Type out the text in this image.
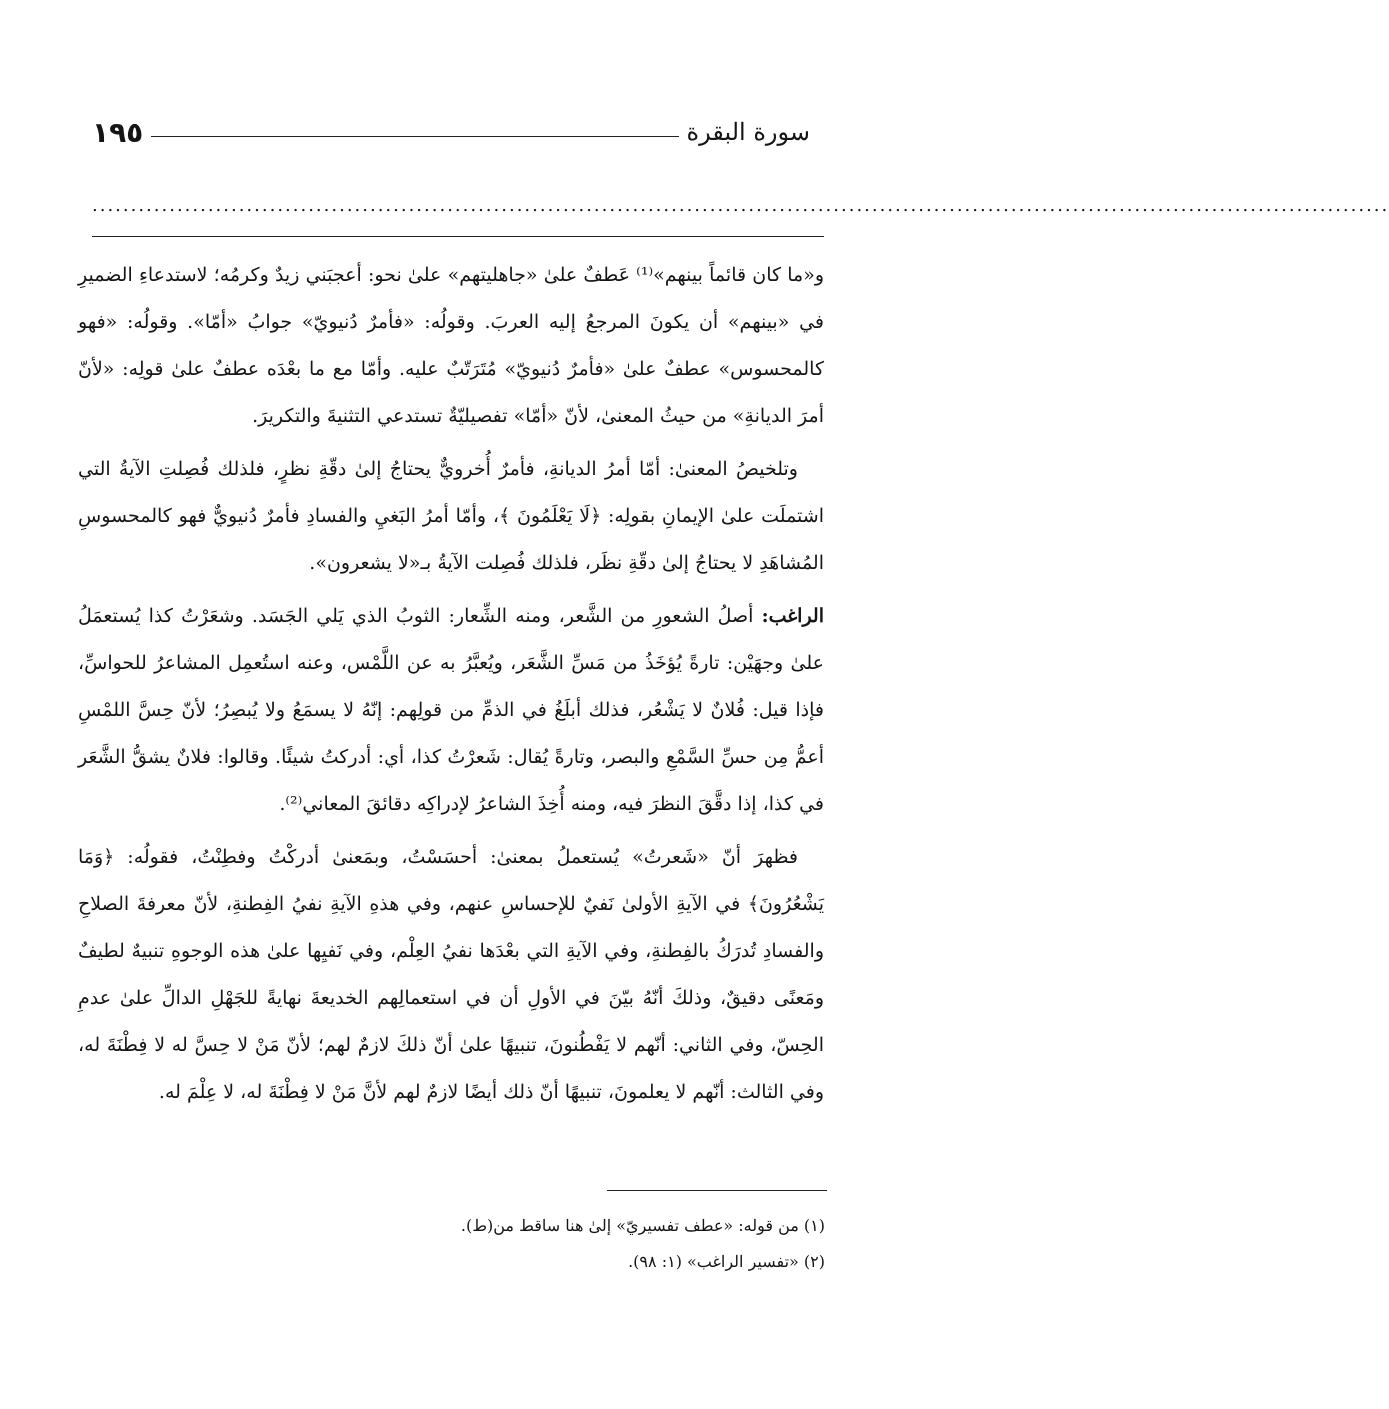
سورة البقرة
١٩٥
........................................................................................................................................................................

و«ما كان قائماً بينهم»⁽¹⁾ عَطفٌ علىٰ «جاهليتهم» علىٰ نحو: أعجبَني زيدٌ وكرمُه؛ لاستدعاءِ الضميرِ في «بينهم» أن يكونَ المرجعُ إليه العربَ. وقولُه: «فأمرٌ دُنيويّ» جوابُ «أمّا». وقولُه: «فهو كالمحسوس» عطفٌ علىٰ «فأمرٌ دُنيويّ» مُتَرَتّبٌ عليه. وأمّا مع ما بعْدَه عطفٌ علىٰ قولِه: «لأنّ أمرَ الديانةِ» من حيثُ المعنىٰ، لأنّ «أمّا» تفصيليّةٌ تستدعي التثنيةَ والتكريرَ.

وتلخيصُ المعنىٰ: أمّا أمرُ الديانةِ، فأمرٌ أُخرويٌّ يحتاجُ إلىٰ دقّةِ نظرٍ، فلذلك فُصِلتِ الآيةُ التي اشتملَت علىٰ الإيمانِ بقولِه: ﴿لَا يَعْلَمُونَ ﴾، وأمّا أمرُ البَغيِ والفسادِ فأمرٌ دُنيويٌّ فهو كالمحسوسِ المُشاهَدِ لا يحتاجُ إلىٰ دقّةِ نظَر، فلذلك فُصِلت الآيةُ بـ«لا يشعرون».

الراغب: أصلُ الشعورِ من الشَّعر، ومنه الشِّعار: الثوبُ الذي يَلي الجَسَد. وشعَرْتُ كذا يُستعمَلُ علىٰ وجهَيْن: تارةً يُؤخَذُ من مَسِّ الشَّعَر، ويُعبَّرُ به عن اللَّمْس، وعنه استُعمِل المشاعرُ للحواسِّ، فإذا قيل: فُلانٌ لا يَشْعُر، فذلك أبلَغُ في الذمِّ من قولِهم: إنّهُ لا يسمَعُ ولا يُبصِرُ؛ لأنّ حِسَّ اللمْسِ أعمُّ مِن حسِّ السَّمْعِ والبصر، وتارةً يُقال: شَعرْتُ كذا، أي: أدركتُ شيئًا. وقالوا: فلانٌ يشقُّ الشَّعَر في كذا، إذا دقَّقَ النظرَ فيه، ومنه أُخِذَ الشاعرُ لإدراكِه دقائقَ المعاني⁽²⁾.

فظهرَ أنّ «شَعرتُ» يُستعملُ بمعنىٰ: أحسَسْتُ، وبمَعنىٰ أدركْتُ وفطِنْتُ، فقولُه: ﴿وَمَا يَشْعُرُونَ﴾ في الآيةِ الأولىٰ نَفيٌ للإحساسِ عنهم، وفي هذهِ الآيةِ نفيُ الفِطنةِ، لأنّ معرفةَ الصلاحِ والفسادِ تُدرَكُ بالفِطنةِ، وفي الآيةِ التي بعْدَها نفيُ العِلْم، وفي نَفيِها علىٰ هذه الوجوهِ تنبيهٌ لطيفٌ ومَعنًى دقيقٌ، وذلكَ أنّهُ بيّنَ في الأولِ أن في استعمالِهم الخديعةَ نهايةً للجَهْلِ الدالِّ علىٰ عدمِ الحِسّ، وفي الثاني: أنّهم لا يَفْطُنونَ، تنبيهًا علىٰ أنّ ذلكَ لازمٌ لهم؛ لأنّ مَنْ لا حِسَّ له لا فِطْنَةَ له، وفي الثالث: أنّهم لا يعلمونَ، تنبيهًا أنّ ذلك أيضًا لازمٌ لهم لأنَّ مَنْ لا فِطْنَةَ له، لا عِلْمَ له.

(١) من قوله: «عطف تفسيريّ» إلىٰ هنا ساقط من(ط).
(٢) «تفسير الراغب» (١: ٩٨).
